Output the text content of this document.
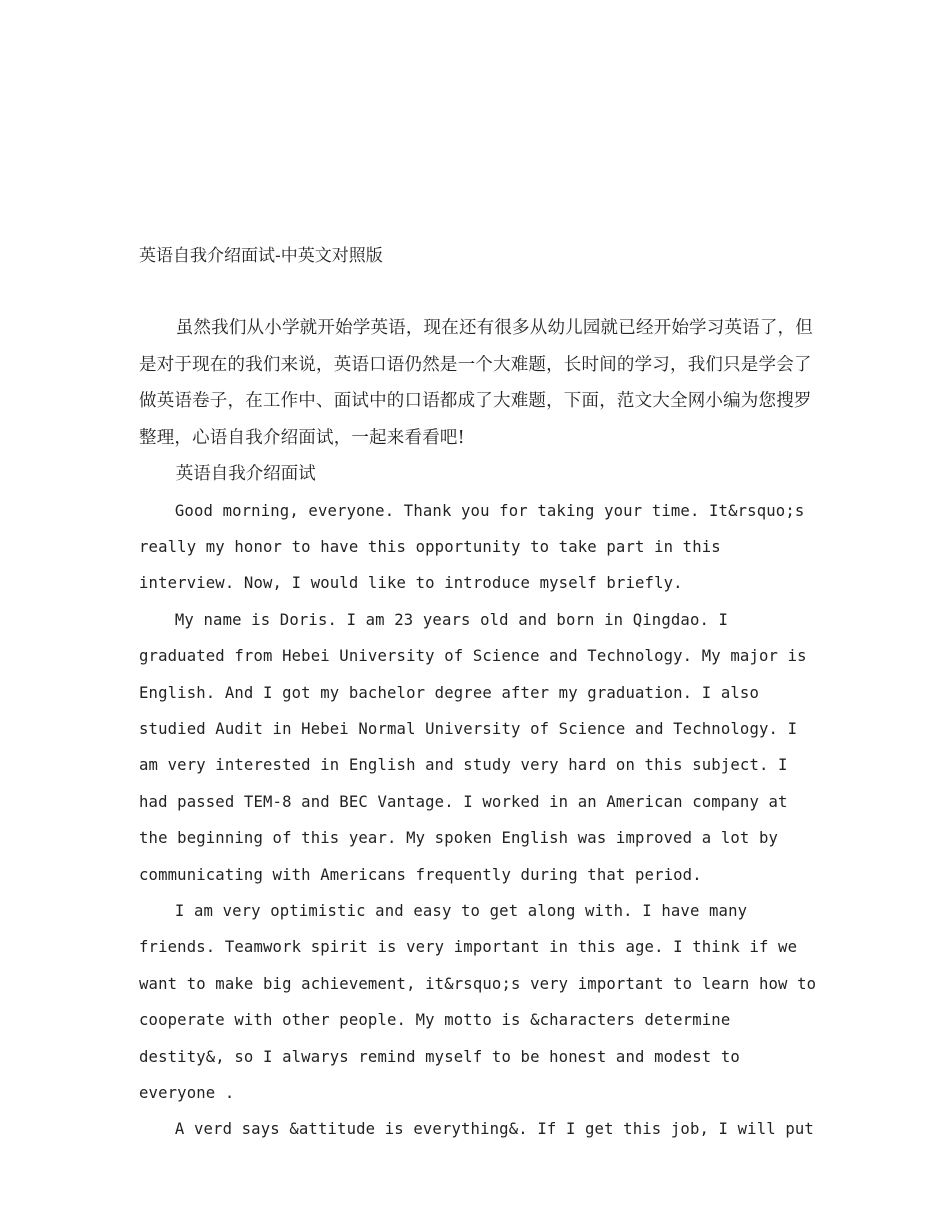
英语自我介绍面试-中英文对照版

虽然我们从小学就开始学英语，现在还有很多从幼儿园就已经开始学习英语了，但是对于现在的我们来说，英语口语仍然是一个大难题，长时间的学习，我们只是学会了做英语卷子，在工作中、面试中的口语都成了大难题，下面，范文大全网小编为您搜罗整理，心语自我介绍面试，一起来看看吧!

英语自我介绍面试

Good morning, everyone. Thank you for taking your time. It&rsquo;s really my honor to have this opportunity to take part in this interview. Now, I would like to introduce myself briefly.

My name is Doris. I am 23 years old and born in Qingdao. I graduated from Hebei University of Science and Technology. My major is English. And I got my bachelor degree after my graduation. I also studied Audit in Hebei Normal University of Science and Technology. I am very interested in English and study very hard on this subject. I had passed TEM-8 and BEC Vantage. I worked in an American company at the beginning of this year. My spoken English was improved a lot by communicating with Americans frequently during that period.

I am very optimistic and easy to get along with. I have many friends. Teamwork spirit is very important in this age. I think if we want to make big achievement, it&rsquo;s very important to learn how to cooperate with other people. My motto is &characters determine destity&, so I alwarys remind myself to be honest and modest to everyone .

A verd says &attitude is everything&. If I get this job, I will put
